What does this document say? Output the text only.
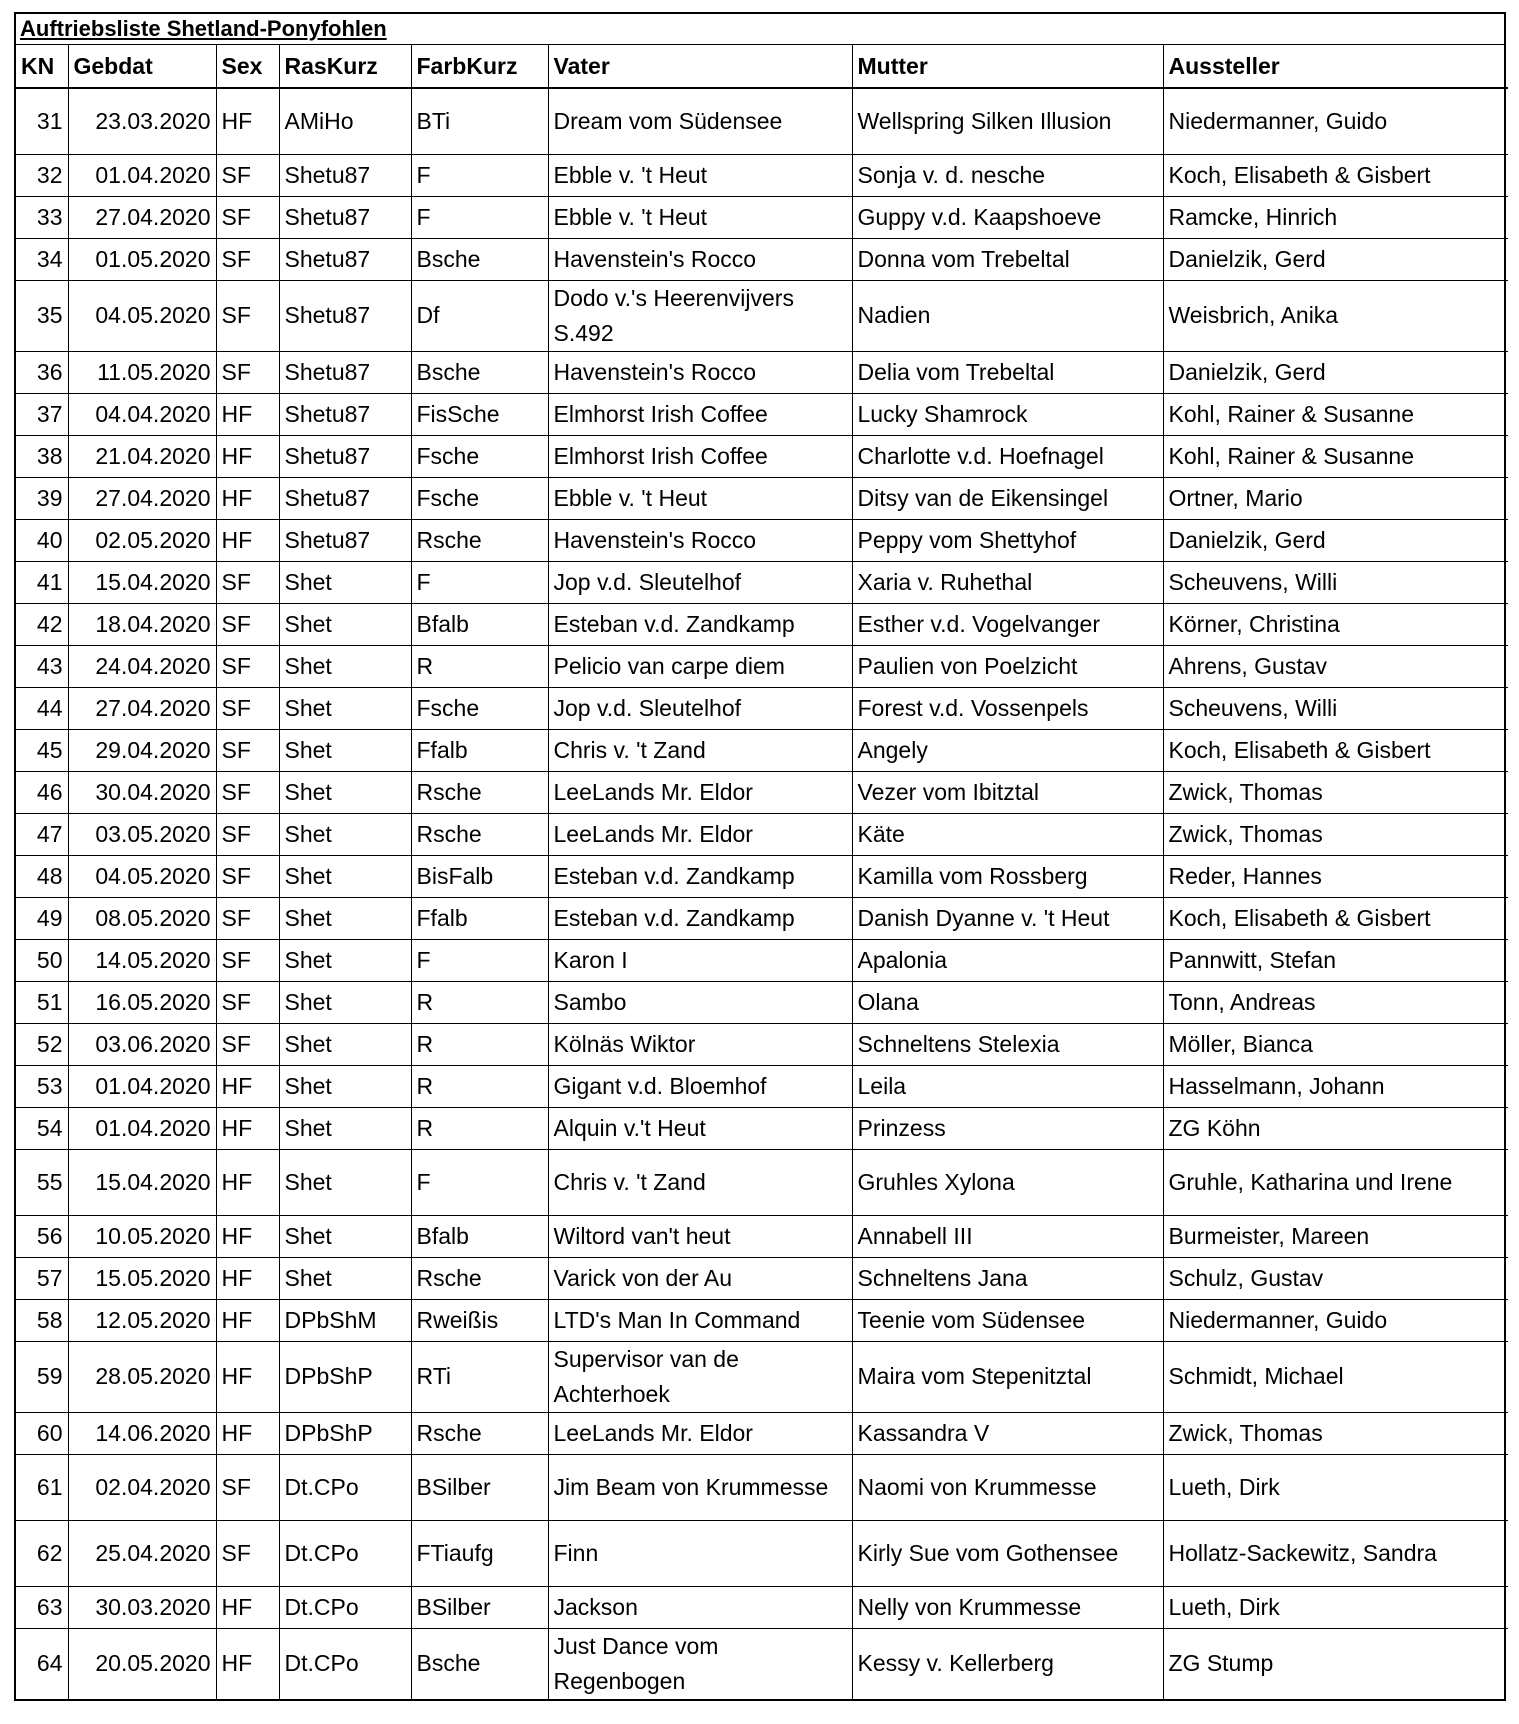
Auftriebsliste Shetland-Ponyfohlen
KN	Gebdat	Sex	RasKurz	FarbKurz	Vater	Mutter	Aussteller
31	23.03.2020	HF	AMiHo	BTi	Dream vom Südensee	Wellspring Silken Illusion	Niedermanner, Guido
32	01.04.2020	SF	Shetu87	F	Ebble v. 't Heut	Sonja v. d. nesche	Koch, Elisabeth & Gisbert
33	27.04.2020	SF	Shetu87	F	Ebble v. 't Heut	Guppy v.d. Kaapshoeve	Ramcke, Hinrich
34	01.05.2020	SF	Shetu87	Bsche	Havenstein's Rocco	Donna vom Trebeltal	Danielzik, Gerd
35	04.05.2020	SF	Shetu87	Df	Dodo v.'s Heerenvijvers S.492	Nadien	Weisbrich, Anika
36	11.05.2020	SF	Shetu87	Bsche	Havenstein's Rocco	Delia vom Trebeltal	Danielzik, Gerd
37	04.04.2020	HF	Shetu87	FisSche	Elmhorst Irish Coffee	Lucky Shamrock	Kohl, Rainer & Susanne
38	21.04.2020	HF	Shetu87	Fsche	Elmhorst Irish Coffee	Charlotte v.d. Hoefnagel	Kohl, Rainer & Susanne
39	27.04.2020	HF	Shetu87	Fsche	Ebble v. 't Heut	Ditsy van de Eikensingel	Ortner, Mario
40	02.05.2020	HF	Shetu87	Rsche	Havenstein's Rocco	Peppy vom Shettyhof	Danielzik, Gerd
41	15.04.2020	SF	Shet	F	Jop v.d. Sleutelhof	Xaria v. Ruhethal	Scheuvens, Willi
42	18.04.2020	SF	Shet	Bfalb	Esteban v.d. Zandkamp	Esther v.d. Vogelvanger	Körner, Christina
43	24.04.2020	SF	Shet	R	Pelicio van carpe diem	Paulien von Poelzicht	Ahrens, Gustav
44	27.04.2020	SF	Shet	Fsche	Jop v.d. Sleutelhof	Forest v.d. Vossenpels	Scheuvens, Willi
45	29.04.2020	SF	Shet	Ffalb	Chris v. 't Zand	Angely	Koch, Elisabeth & Gisbert
46	30.04.2020	SF	Shet	Rsche	LeeLands Mr. Eldor	Vezer vom Ibitztal	Zwick, Thomas
47	03.05.2020	SF	Shet	Rsche	LeeLands Mr. Eldor	Käte	Zwick, Thomas
48	04.05.2020	SF	Shet	BisFalb	Esteban v.d. Zandkamp	Kamilla vom Rossberg	Reder, Hannes
49	08.05.2020	SF	Shet	Ffalb	Esteban v.d. Zandkamp	Danish Dyanne v. 't Heut	Koch, Elisabeth & Gisbert
50	14.05.2020	SF	Shet	F	Karon I	Apalonia	Pannwitt, Stefan
51	16.05.2020	SF	Shet	R	Sambo	Olana	Tonn, Andreas
52	03.06.2020	SF	Shet	R	Kölnäs Wiktor	Schneltens Stelexia	Möller, Bianca
53	01.04.2020	HF	Shet	R	Gigant v.d. Bloemhof	Leila	Hasselmann, Johann
54	01.04.2020	HF	Shet	R	Alquin v.'t Heut	Prinzess	ZG Köhn
55	15.04.2020	HF	Shet	F	Chris v. 't Zand	Gruhles Xylona	Gruhle, Katharina und Irene
56	10.05.2020	HF	Shet	Bfalb	Wiltord van't heut	Annabell III	Burmeister, Mareen
57	15.05.2020	HF	Shet	Rsche	Varick von der Au	Schneltens Jana	Schulz, Gustav
58	12.05.2020	HF	DPbShM	Rweißis	LTD's Man In Command	Teenie vom Südensee	Niedermanner, Guido
59	28.05.2020	HF	DPbShP	RTi	Supervisor van de Achterhoek	Maira vom Stepenitztal	Schmidt, Michael
60	14.06.2020	HF	DPbShP	Rsche	LeeLands Mr. Eldor	Kassandra V	Zwick, Thomas
61	02.04.2020	SF	Dt.CPo	BSilber	Jim Beam von Krummesse	Naomi von Krummesse	Lueth, Dirk
62	25.04.2020	SF	Dt.CPo	FTiaufg	Finn	Kirly Sue vom Gothensee	Hollatz-Sackewitz, Sandra
63	30.03.2020	HF	Dt.CPo	BSilber	Jackson	Nelly von Krummesse	Lueth, Dirk
64	20.05.2020	HF	Dt.CPo	Bsche	Just Dance vom Regenbogen	Kessy v. Kellerberg	ZG Stump
